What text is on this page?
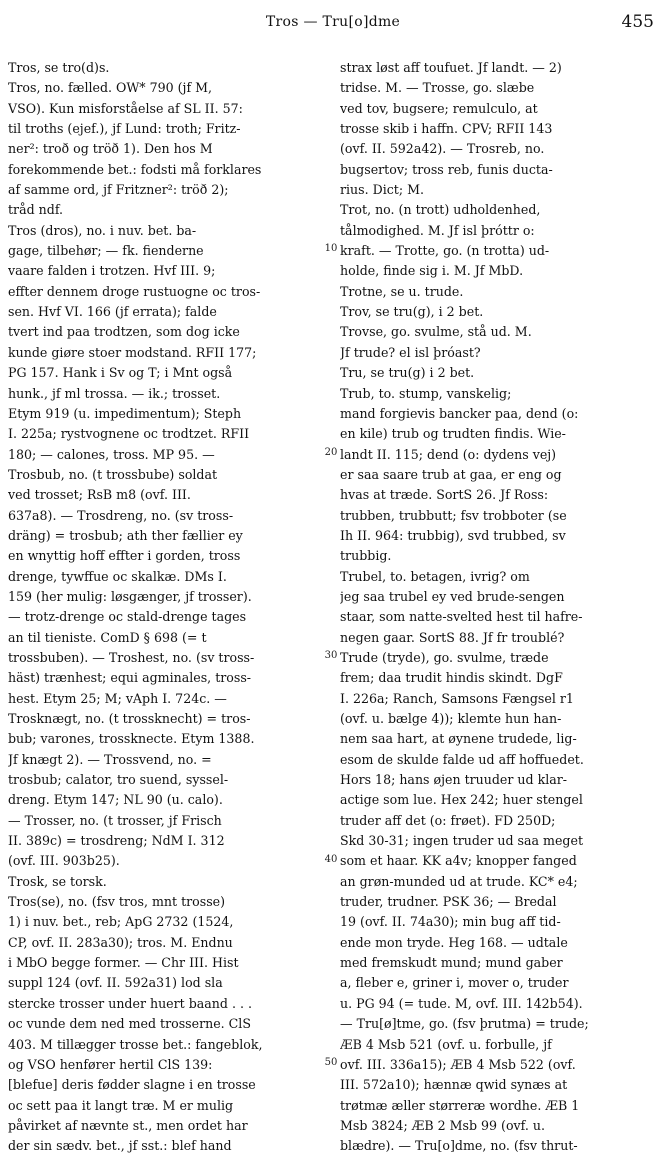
Tros — Tru[o]dme	455
Tros, se tro(d)s.
Tros, no. fælled. OW* 790 (jf M,
VSO). Kun misforståelse af SL II. 57:
til troths (ejef.), jf Lund: troth; Fritz-
ner²: troð og tröð 1). Den hos M
forekommende bet.: fodsti må forklares
af samme ord, jf Fritzner²: tröð 2);
tråd ndf.
Tros (dros), no. i nuv. bet. ba-
gage, tilbehør; — fk. fienderne
vaare falden i trotzen. Hvf III. 9;
effter dennem droge rustuogne oc tros-
sen. Hvf VI. 166 (jf errata); falde
tvert ind paa trodtzen, som dog icke
kunde giøre stoer modstand. RFII 177;
PG 157. Hank i Sv og T; i Mnt også
hunk., jf ml trossa. — ik.; trosset.
Etym 919 (u. impedimentum); Steph
I. 225a; rystvognene oc trodtzet. RFII
180; — calones, tross. MP 95. —
Trosbub, no. (t trossbube) soldat
ved trosset; RsB m8 (ovf. III.
637a8). — Trosdreng, no. (sv tross-
dräng) = trosbub; ath ther fællier ey
en wnyttig hoff effter i gorden, tross
drenge, tywffue oc skalkæ. DMs I.
159 (her mulig: løsgænger, jf trosser).
— trotz-drenge oc stald-drenge tages
an til tieniste. ComD § 698 (= t
trossbuben). — Troshest, no. (sv tross-
häst) trænhest; equi agminales, tross-
hest. Etym 25; M; vAph I. 724c. —
Trosknægt, no. (t trossknecht) = tros-
bub; varones, trossknecte. Etym 1388.
Jf knægt 2). — Trossvend, no. =
trosbub; calator, tro suend, syssel-
dreng. Etym 147; NL 90 (u. calo).
— Trosser, no. (t trosser, jf Frisch
II. 389c) = trosdreng; NdM I. 312
(ovf. III. 903b25).
Trosk, se torsk.
Tros(se), no. (fsv tros, mnt trosse)
1) i nuv. bet., reb; ApG 2732 (1524,
CP, ovf. II. 283a30); tros. M. Endnu
i MbO begge former. — Chr III. Hist
suppl 124 (ovf. II. 592a31) lod sla
stercke trosser under huert baand . . .
oc vunde dem ned med trosserne. ClS
403. M tillægger trosse bet.: fangeblok,
og VSO henfører hertil ClS 139:
[blefue] deris fødder slagne i en trosse
oc sett paa it langt træ. M er mulig
påvirket af nævnte st., men ordet har
der sin sædv. bet., jf sst.: blef hand
strax løst aff toufuet. Jf landt. — 2)
tridse. M. — Trosse, go. slæbe
ved tov, bugsere; remulculo, at
trosse skib i haffn. CPV; RFII 143
(ovf. II. 592a42). — Trosreb, no.
bugsertov; tross reb, funis ducta-
rius. Dict; M.
Trot, no. (n trott) udholdenhed,
tålmodighed. M. Jf isl þróttr o:
kraft. — Trotte, go. (n trotta) ud-
holde, finde sig i. M. Jf MbD.
Trotne, se u. trude.
Trov, se tru(g), i 2 bet.
Trovse, go. svulme, stå ud. M.
Jf trude? el isl þróast?
Tru, se tru(g) i 2 bet.
Trub, to. stump, vanskelig;
mand forgievis bancker paa, dend (o:
en kile) trub og trudten findis. Wie-
landt II. 115; dend (o: dydens vej)
er saa saare trub at gaa, er eng og
hvas at træde. SortS 26. Jf Ross:
trubben, trubbutt; fsv trobboter (se
Ih II. 964: trubbig), svd trubbed, sv
trubbig.
Trubel, to. betagen, ivrig? om
jeg saa trubel ey ved brude-sengen
staar, som natte-svelted hest til hafre-
negen gaar. SortS 88. Jf fr troublé?
Trude (tryde), go. svulme, træde
frem; daa trudit hindis skindt. DgF
I. 226a; Ranch, Samsons Fængsel r1
(ovf. u. bælge 4)); klemte hun han-
nem saa hart, at øynene trudede, lig-
esom de skulde falde ud aff hoffuedet.
Hors 18; hans øjen truuder ud klar-
actige som lue. Hex 242; huer stengel
truder aff det (o: frøet). FD 250D;
Skd 30-31; ingen truder ud saa meget
som et haar. KK a4v; knopper fanged
an grøn-munded ud at trude. KC* e4;
truder, trudner. PSK 36; — Bredal
19 (ovf. II. 74a30); min bug aff tid-
ende mon tryde. Heg 168. — udtale
med fremskudt mund; mund gaber
a, fleber e, griner i, mover o, truder
u. PG 94 (= tude. M, ovf. III. 142b54).
— Tru[ø]tme, go. (fsv þrutma) = trude;
ÆB 4 Msb 521 (ovf. u. forbulle, jf
ovf. III. 336a15); ÆB 4 Msb 522 (ovf.
III. 572a10); hænnæ qwid synæs at
trøtmæ æller størreræ wordhe. ÆB 1
Msb 3824; ÆB 2 Msb 99 (ovf. u.
blædre). — Tru[o]dme, no. (fsv thrut-
10
20
30
40
50
